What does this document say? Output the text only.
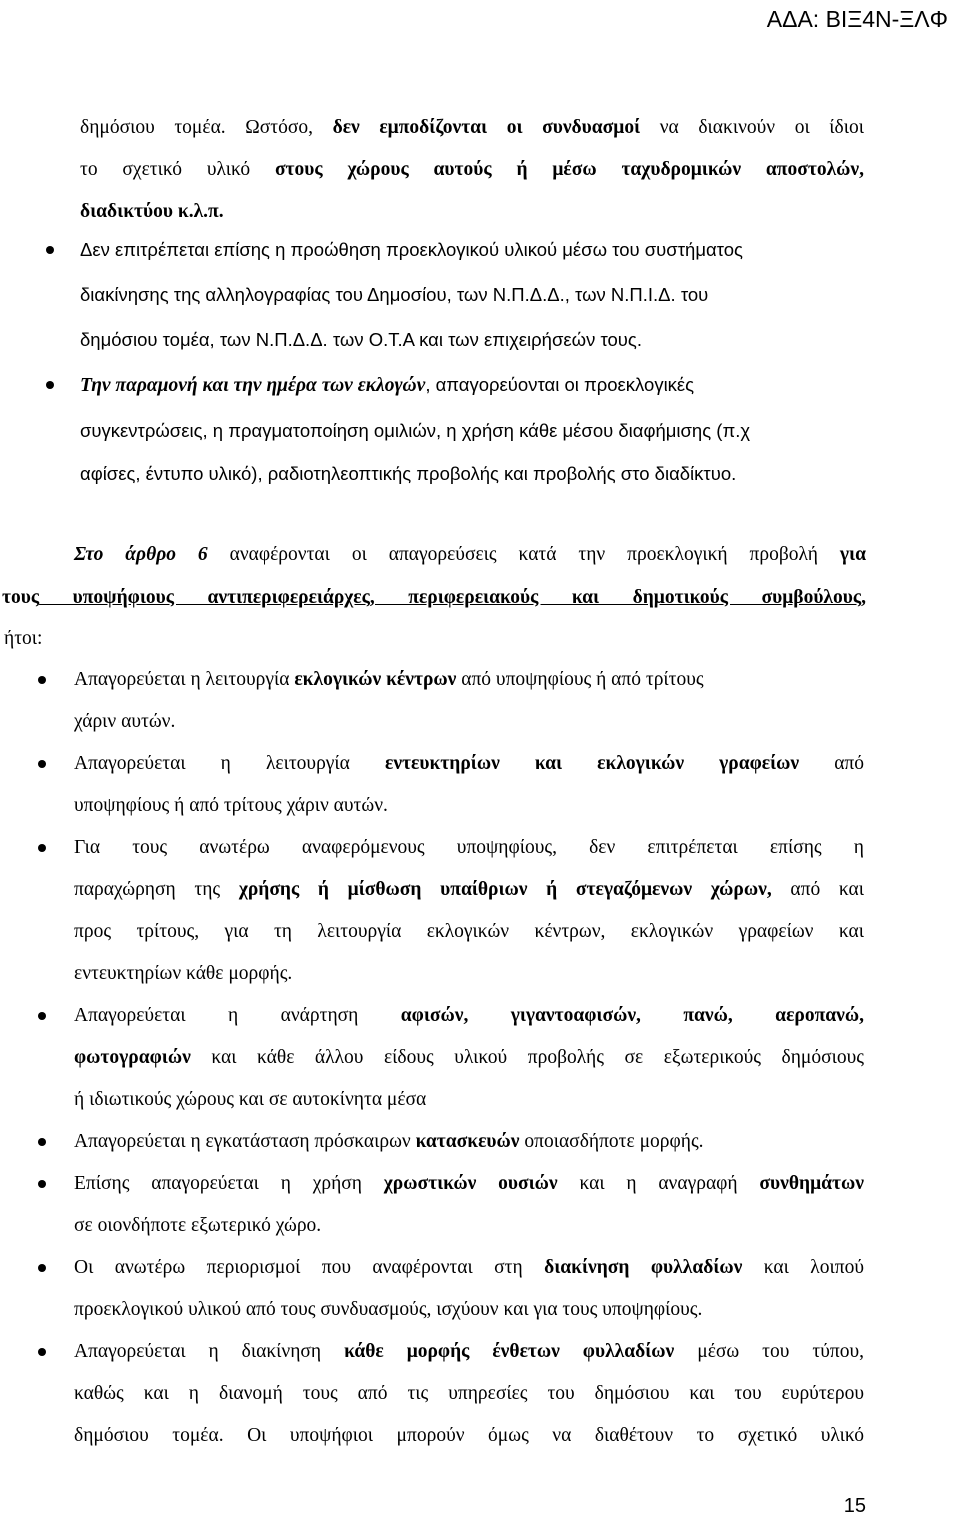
ΑΔΑ: ΒΙΞ4Ν-ΞΛΦ
δημόσιου τομέα. Ωστόσο, δεν εμποδίζονται οι συνδυασμοί να διακινούν οι ίδιοι
το σχετικό υλικό στους χώρους αυτούς ή μέσω ταχυδρομικών αποστολών,
διαδικτύου κ.λ.π.
Δεν επιτρέπεται επίσης η προώθηση προεκλογικού υλικού μέσω του συστήματος
διακίνησης της αλληλογραφίας του Δημοσίου, των Ν.Π.Δ.Δ., των Ν.Π.Ι.Δ. του
δημόσιου τομέα, των Ν.Π.Δ.Δ. των Ο.Τ.Α και των επιχειρήσεών τους.
Την παραμονή και την ημέρα των εκλογών, απαγορεύονται οι προεκλογικές
συγκεντρώσεις, η πραγματοποίηση ομιλιών, η χρήση κάθε μέσου διαφήμισης (π.χ
αφίσες, έντυπο υλικό), ραδιοτηλεοπτικής προβολής και προβολής στο διαδίκτυο.
Στο άρθρο 6 αναφέρονται οι απαγορεύσεις κατά την προεκλογική προβολή για
τους υποψήφιους αντιπεριφερειάρχες, περιφερειακούς και δημοτικούς συμβούλους,
ήτοι:
Απαγορεύεται η λειτουργία εκλογικών κέντρων από υποψηφίους ή από τρίτους
χάριν αυτών.
Απαγορεύεται η λειτουργία εντευκτηρίων και εκλογικών γραφείων από
υποψηφίους ή από τρίτους χάριν αυτών.
Για τους ανωτέρω αναφερόμενους υποψηφίους, δεν επιτρέπεται επίσης η
παραχώρηση της χρήσης ή μίσθωση υπαίθριων ή στεγαζόμενων χώρων, από και
προς τρίτους, για τη λειτουργία εκλογικών κέντρων, εκλογικών γραφείων και
εντευκτηρίων κάθε μορφής.
Απαγορεύεται η ανάρτηση αφισών, γιγαντοαφισών, πανώ, αεροπανώ,
φωτογραφιών και κάθε άλλου είδους υλικού προβολής σε εξωτερικούς δημόσιους
ή ιδιωτικούς χώρους και σε αυτοκίνητα μέσα
Απαγορεύεται η εγκατάσταση πρόσκαιρων κατασκευών οποιασδήποτε μορφής.
Επίσης απαγορεύεται η χρήση χρωστικών ουσιών και η αναγραφή συνθημάτων
σε οιονδήποτε εξωτερικό χώρο.
Οι ανωτέρω περιορισμοί που αναφέρονται στη διακίνηση φυλλαδίων και λοιπού
προεκλογικού υλικού από τους συνδυασμούς, ισχύουν και για τους υποψηφίους.
Απαγορεύεται η διακίνηση κάθε μορφής ένθετων φυλλαδίων μέσω του τύπου,
καθώς και η διανομή τους από τις υπηρεσίες του δημόσιου και του ευρύτερου
δημόσιου τομέα. Οι υποψήφιοι μπορούν όμως να διαθέτουν το σχετικό υλικό
15
